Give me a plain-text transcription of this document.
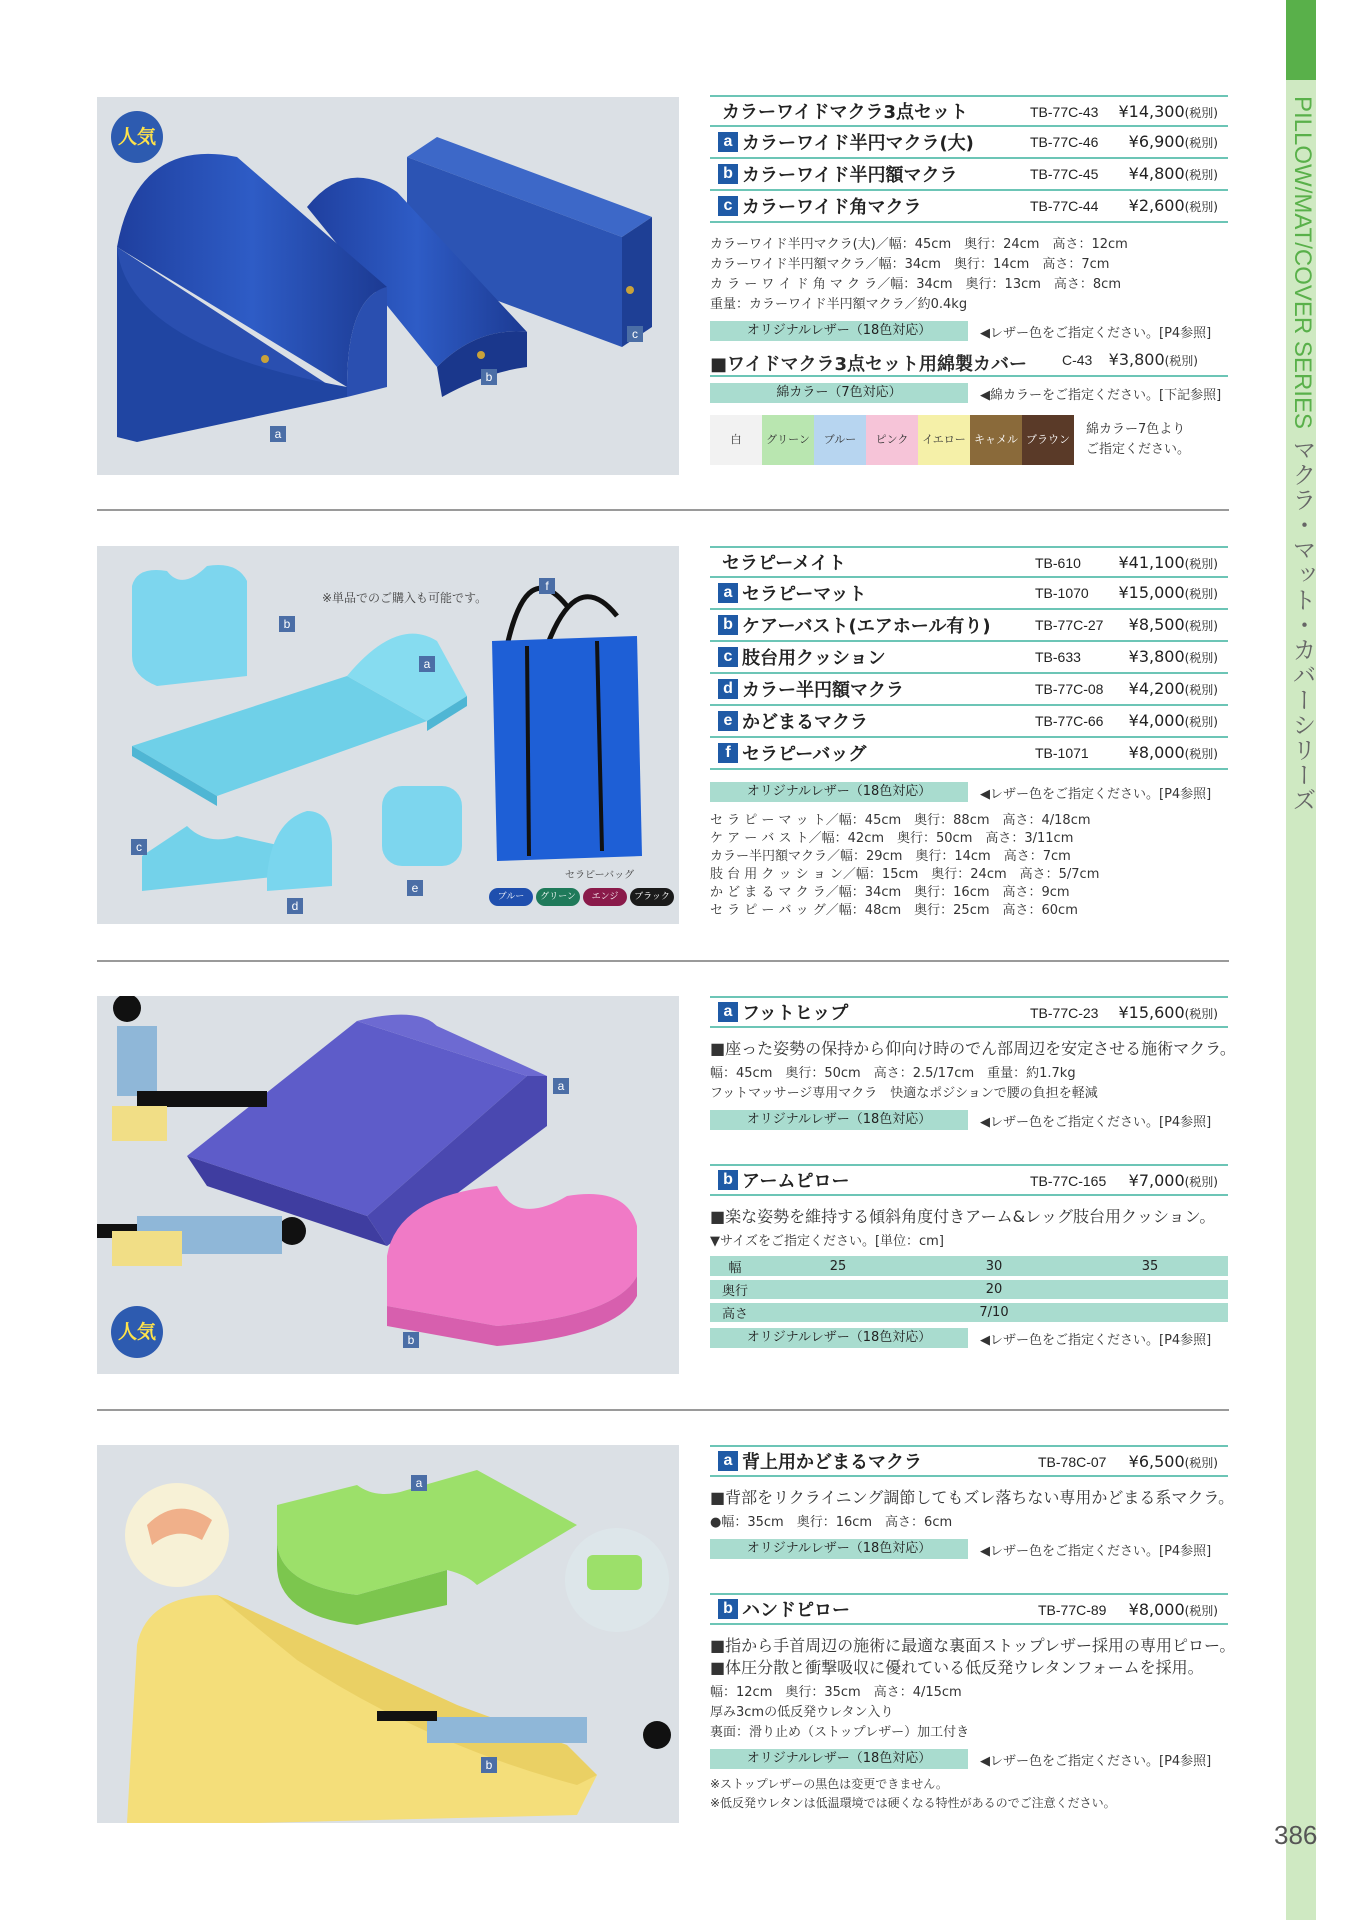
PILLOW/MAT/COVER SERIES マクラ・マット・カバーシリーズ
386
人気
a
b
c
カラーワイドマクラ3点セット	TB-77C-43 ¥14,300(税別)
a カラーワイド半円マクラ(大)	TB-77C-46 ¥6,900(税別)
b カラーワイド半円額マクラ	TB-77C-45 ¥4,800(税別)
c カラーワイド角マクラ	TB-77C-44 ¥2,600(税別)
カラーワイド半円マクラ(大)／幅：45cm　奥行：24cm　高さ：12cm
カラーワイド半円額マクラ／幅：34cm　奥行：14cm　高さ：7cm
カ ラ ー ワ イ ド 角 マ ク ラ／幅：34cm　奥行：13cm　高さ：8cm
重量：カラーワイド半円額マクラ／約0.4kg
オリジナルレザー（18色対応）	◀レザー色をご指定ください。[P4参照]
■ワイドマクラ3点セット用綿製カバー	C-43 ¥3,800(税別)
綿カラー（7色対応）	◀綿カラーをご指定ください。[下記参照]
白	グリーン	ブルー	ピンク	イエロー キャメル ブラウン
綿カラー7色より
ご指定ください。
※単品でのご購入も可能です。
a
b
c
d
e
f
セラピーバッグ
ブルー	グリーン	エンジ	ブラック
セラピーメイト	TB-610 ¥41,100(税別)
a セラピーマット	TB-1070 ¥15,000(税別)
b ケアーバスト(エアホール有り)	TB-77C-27 ¥8,500(税別)
c 肢台用クッション	TB-633	¥3,800(税別)
d カラー半円額マクラ	TB-77C-08 ¥4,200(税別)
e かどまるマクラ	TB-77C-66 ¥4,000(税別)
f セラピーバッグ	TB-1071 ¥8,000(税別)
オリジナルレザー（18色対応）	◀レザー色をご指定ください。[P4参照]
セ ラ ピ ー マ ッ ト／幅：45cm　奥行：88cm　高さ：4/18cm
ケ ア ー バ ス ト／幅：42cm　奥行：50cm　高さ：3/11cm
カラー半円額マクラ／幅：29cm　奥行：14cm　高さ：7cm
肢 台 用 ク ッ シ ョ ン／幅：15cm　奥行：24cm　高さ：5/7cm
か ど ま る マ ク ラ／幅：34cm　奥行：16cm　高さ：9cm
セ ラ ピ ー バ ッ グ／幅：48cm　奥行：25cm　高さ：60cm
人気
a
b
a フットヒップ	TB-77C-23 ¥15,600(税別)
■座った姿勢の保持から仰向け時のでん部周辺を安定させる施術マクラ。
幅：45cm　奥行：50cm　高さ：2.5/17cm　重量：約1.7kg
フットマッサージ専用マクラ　快適なポジションで腰の負担を軽減
オリジナルレザー（18色対応）	◀レザー色をご指定ください。[P4参照]
b アームピロー	TB-77C-165 ¥7,000(税別)
■楽な姿勢を維持する傾斜角度付きアーム&レッグ肢台用クッション。
▼サイズをご指定ください。[単位：cm]
幅	25	30	35
奥行	20		
高さ	7/10		
オリジナルレザー（18色対応）	◀レザー色をご指定ください。[P4参照]
a
b
a 背上用かどまるマクラ	TB-78C-07 ¥6,500(税別)
■背部をリクライニング調節してもズレ落ちない専用かどまる系マクラ。
●幅：35cm　奥行：16cm　高さ：6cm
オリジナルレザー（18色対応）	◀レザー色をご指定ください。[P4参照]
b ハンドピロー	TB-77C-89 ¥8,000(税別)
■指から手首周辺の施術に最適な裏面ストップレザー採用の専用ピロー。
■体圧分散と衝撃吸収に優れている低反発ウレタンフォームを採用。
幅：12cm　奥行：35cm　高さ：4/15cm
厚み3cmの低反発ウレタン入り
裏面：滑り止め（ストップレザー）加工付き
オリジナルレザー（18色対応）	◀レザー色をご指定ください。[P4参照]
※ストップレザーの黒色は変更できません。
※低反発ウレタンは低温環境では硬くなる特性があるのでご注意ください。
